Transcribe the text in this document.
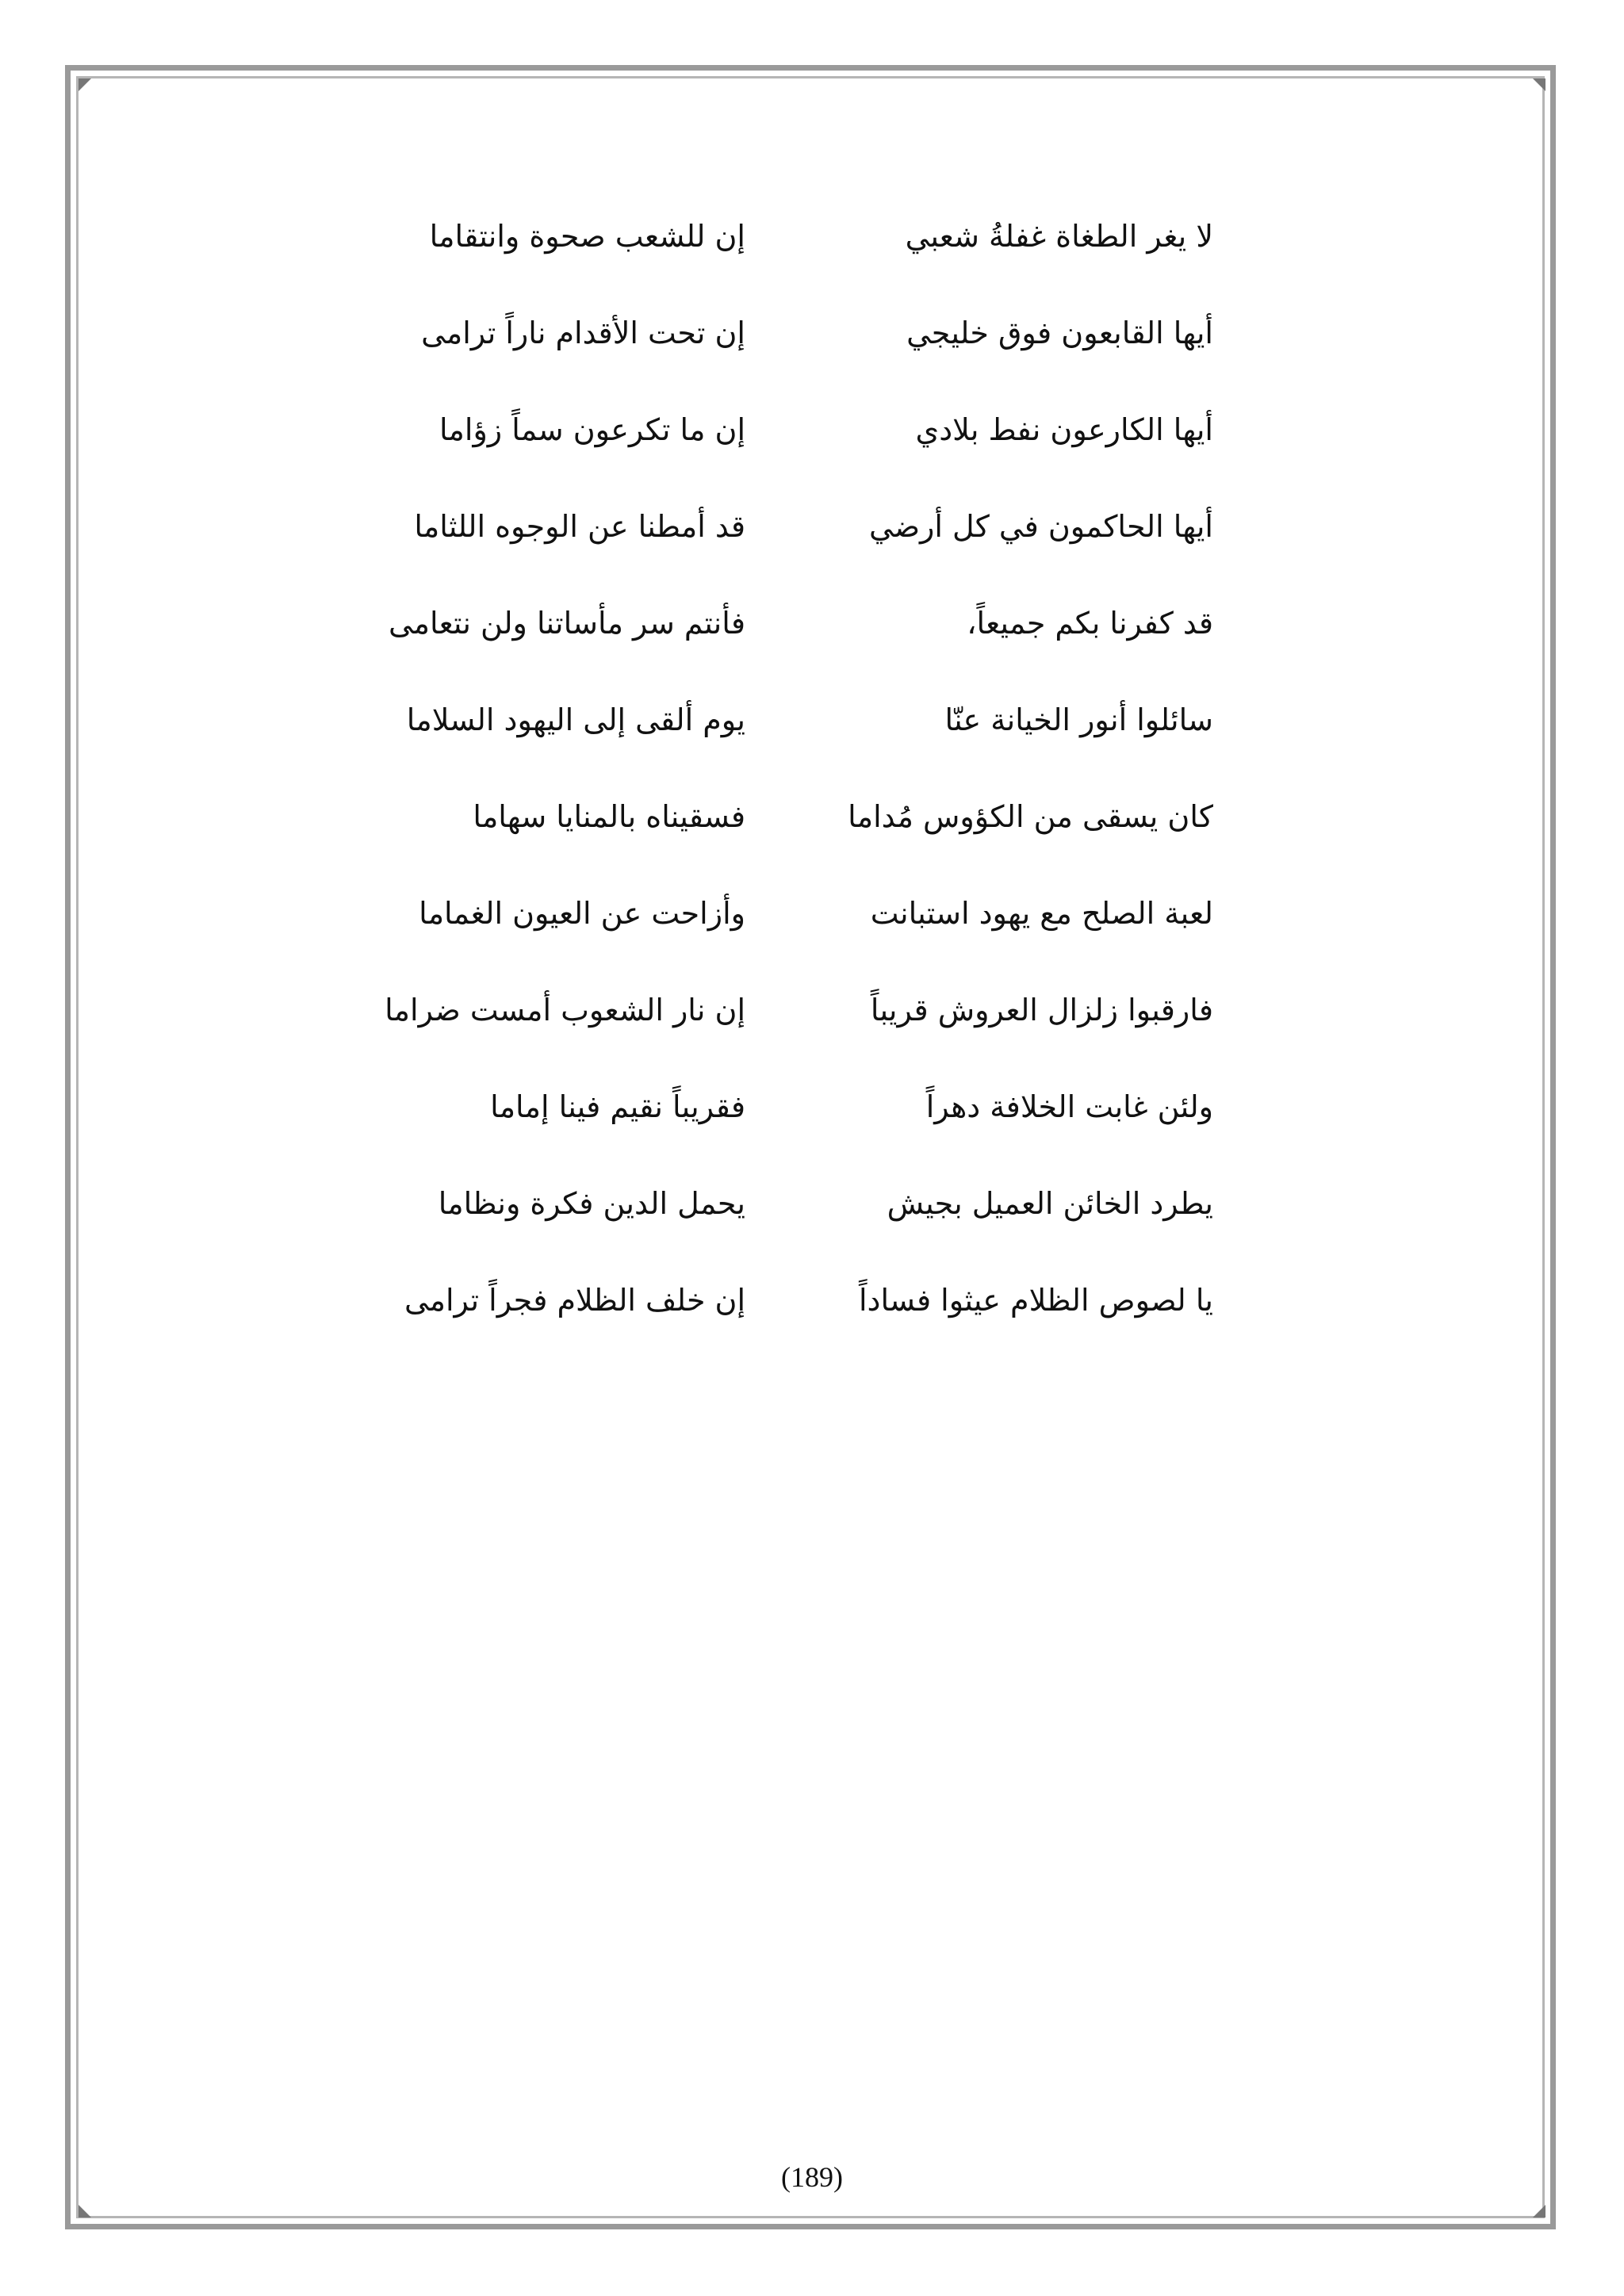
لا يغر الطغاة غفلةُ شعبي
إن للشعب صحوة وانتقاما
أيها القابعون فوق خليجي
إن تحت الأقدام ناراً ترامى
أيها الكارعون نفط بلادي
إن ما تكرعون سماً زؤاما
أيها الحاكمون في كل أرضي
قد أمطنا عن الوجوه اللثاما
قد كفرنا بكم جميعاً،
فأنتم سر مأساتنا ولن نتعامى
سائلوا أنور الخيانة عنّا
يوم ألقى إلى اليهود السلاما
كان يسقى من الكؤوس مُداما
فسقيناه بالمنايا سهاما
لعبة الصلح مع يهود استبانت
وأزاحت عن العيون الغماما
فارقبوا زلزال العروش قريباً
إن نار الشعوب أمست ضراما
ولئن غابت الخلافة دهراً
فقريباً نقيم فينا إماما
يطرد الخائن العميل بجيش
يحمل الدين فكرة ونظاما
يا لصوص الظلام عيثوا فساداً
إن خلف الظلام فجراً ترامى
(189)
